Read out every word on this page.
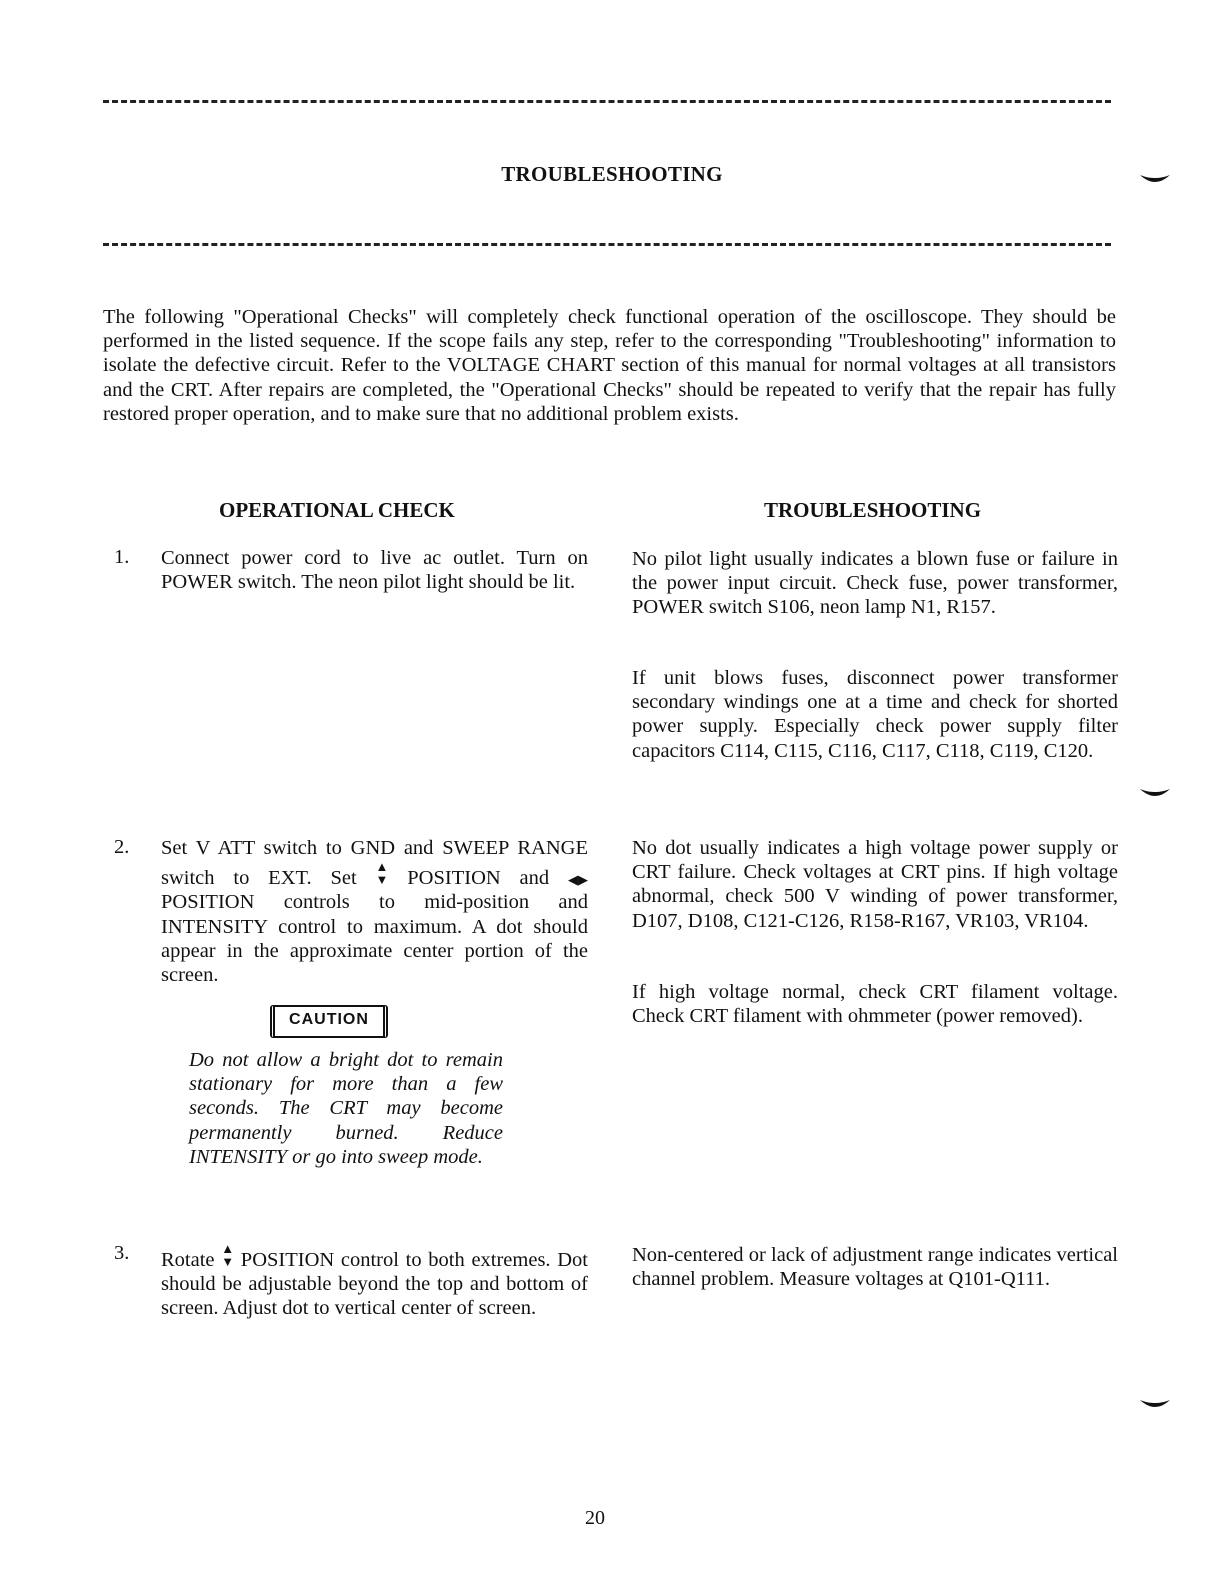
TROUBLESHOOTING
The following "Operational Checks" will completely check functional operation of the oscilloscope. They should be performed in the listed sequence. If the scope fails any step, refer to the corresponding "Troubleshooting" information to isolate the defective circuit. Refer to the VOLTAGE CHART section of this manual for normal voltages at all transistors and the CRT. After repairs are completed, the "Operational Checks" should be repeated to verify that the repair has fully restored proper operation, and to make sure that no additional problem exists.
OPERATIONAL CHECK	TROUBLESHOOTING
1. Connect power cord to live ac outlet. Turn on POWER switch. The neon pilot light should be lit.
No pilot light usually indicates a blown fuse or failure in the power input circuit. Check fuse, power transformer, POWER switch S106, neon lamp N1, R157.
If unit blows fuses, disconnect power transformer secondary windings one at a time and check for shorted power supply. Especially check power supply filter capacitors C114, C115, C116, C117, C118, C119, C120.
2. Set V ATT switch to GND and SWEEP RANGE switch to EXT. Set ▲
▼ POSITION and ◀▶ POSITION controls to mid-position and INTENSITY control to maximum. A dot should appear in the approximate center portion of the screen.
CAUTION
Do not allow a bright dot to remain stationary for more than a few seconds. The CRT may become permanently burned. Reduce INTENSITY or go into sweep mode.
No dot usually indicates a high voltage power supply or CRT failure. Check voltages at CRT pins. If high voltage abnormal, check 500 V winding of power transformer, D107, D108, C121-C126, R158-R167, VR103, VR104.
If high voltage normal, check CRT filament voltage. Check CRT filament with ohmmeter (power removed).
3. Rotate ▲
▼ POSITION control to both extremes. Dot should be adjustable beyond the top and bottom of screen. Adjust dot to vertical center of screen.
Non-centered or lack of adjustment range indicates vertical channel problem. Measure voltages at Q101-Q111.
20
